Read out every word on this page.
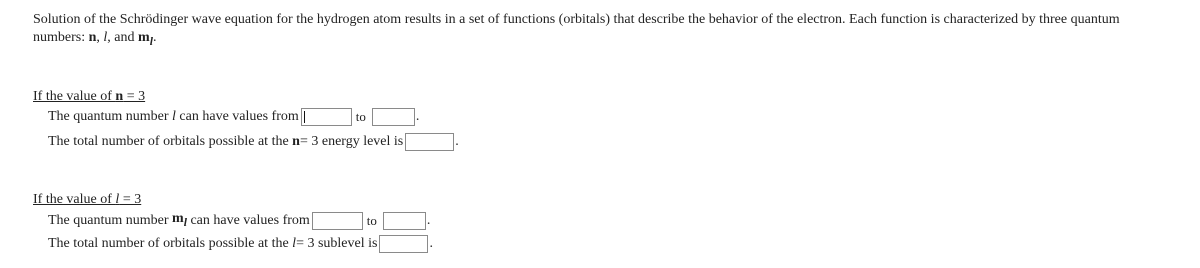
Solution of the Schrödinger wave equation for the hydrogen atom results in a set of functions (orbitals) that describe the behavior of the electron. Each function is characterized by three quantum
numbers: n, l, and $m_l$.
If the value of n = 3
The quantum number
l
can have values from	to	.
The total number of orbitals possible at the
n = 3 energy level is	.
If the value of l = 3
The quantum number
$m_l$
can have values from	to	.
The total number of orbitals possible at the
l = 3 sublevel is	.
